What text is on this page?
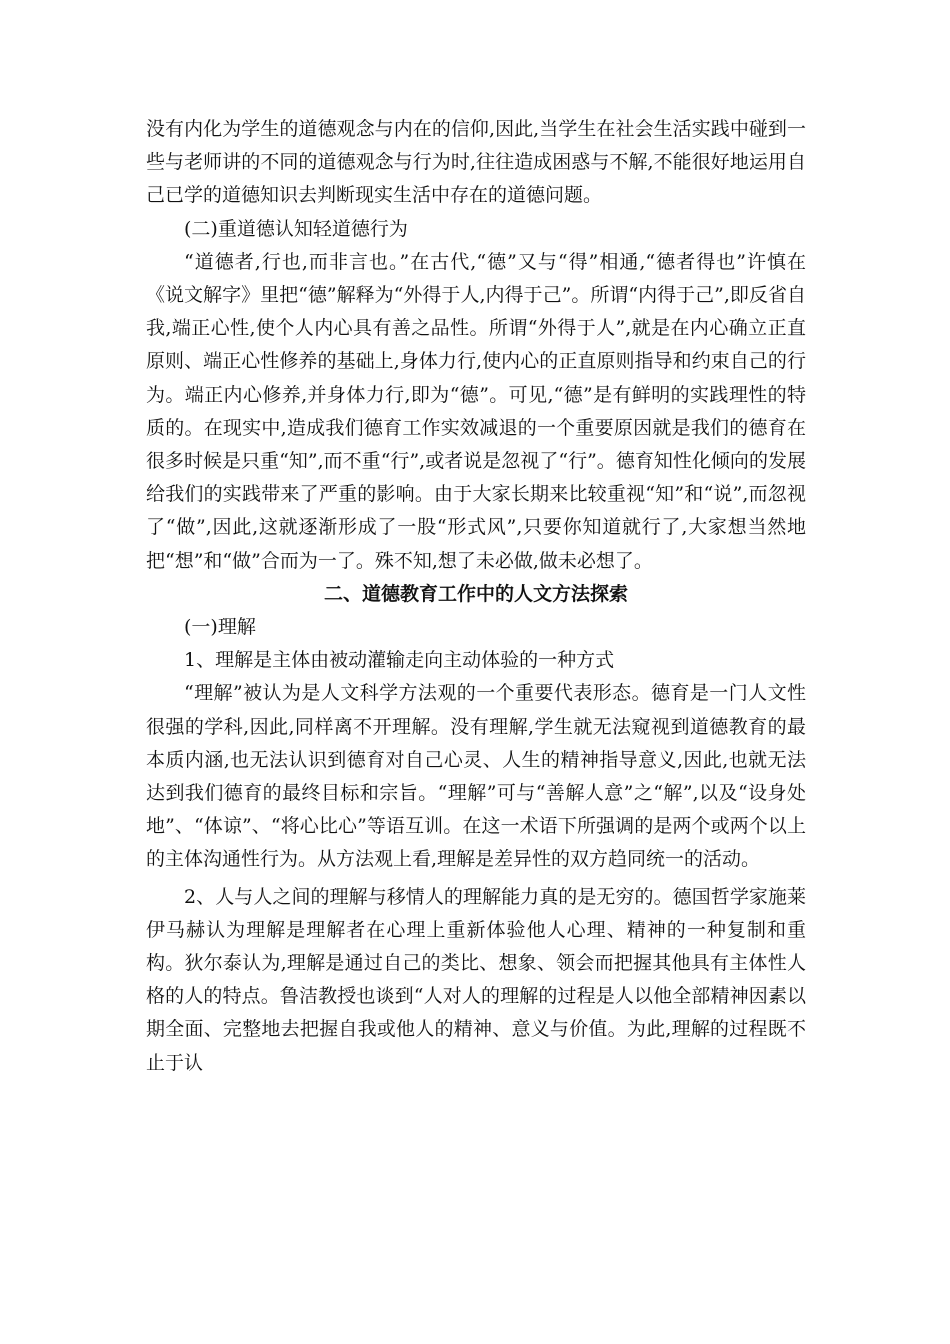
没有内化为学生的道德观念与内在的信仰,因此,当学生在社会生活实践中碰到一些与老师讲的不同的道德观念与行为时,往往造成困惑与不解,不能很好地运用自己已学的道德知识去判断现实生活中存在的道德问题。

(二)重道德认知轻道德行为

“道德者,行也,而非言也。”在古代,“德”又与“得”相通,“德者得也”许慎在《说文解字》里把“德”解释为“外得于人,内得于己”。所谓“内得于己”,即反省自我,端正心性,使个人内心具有善之品性。所谓“外得于人”,就是在内心确立正直原则、端正心性修养的基础上,身体力行,使内心的正直原则指导和约束自己的行为。端正内心修养,并身体力行,即为“德”。可见,“德”是有鲜明的实践理性的特质的。在现实中,造成我们德育工作实效减退的一个重要原因就是我们的德育在很多时候是只重“知”,而不重“行”,或者说是忽视了“行”。德育知性化倾向的发展给我们的实践带来了严重的影响。由于大家长期来比较重视“知”和“说”,而忽视了“做”,因此,这就逐渐形成了一股“形式风”,只要你知道就行了,大家想当然地把“想”和“做”合而为一了。殊不知,想了未必做,做未必想了。

二、道德教育工作中的人文方法探索

(一)理解

1、理解是主体由被动灌输走向主动体验的一种方式

“理解”被认为是人文科学方法观的一个重要代表形态。德育是一门人文性很强的学科,因此,同样离不开理解。没有理解,学生就无法窥视到道德教育的最本质内涵,也无法认识到德育对自己心灵、人生的精神指导意义,因此,也就无法达到我们德育的最终目标和宗旨。“理解”可与“善解人意”之“解”,以及“设身处地”、“体谅”、“将心比心”等语互训。在这一术语下所强调的是两个或两个以上的主体沟通性行为。从方法观上看,理解是差异性的双方趋同统一的活动。

2、人与人之间的理解与移情人的理解能力真的是无穷的。德国哲学家施莱伊马赫认为理解是理解者在心理上重新体验他人心理、精神的一种复制和重构。狄尔泰认为,理解是通过自己的类比、想象、领会而把握其他具有主体性人格的人的特点。鲁洁教授也谈到“人对人的理解的过程是人以他全部精神因素以期全面、完整地去把握自我或他人的精神、意义与价值。为此,理解的过程既不止于认
